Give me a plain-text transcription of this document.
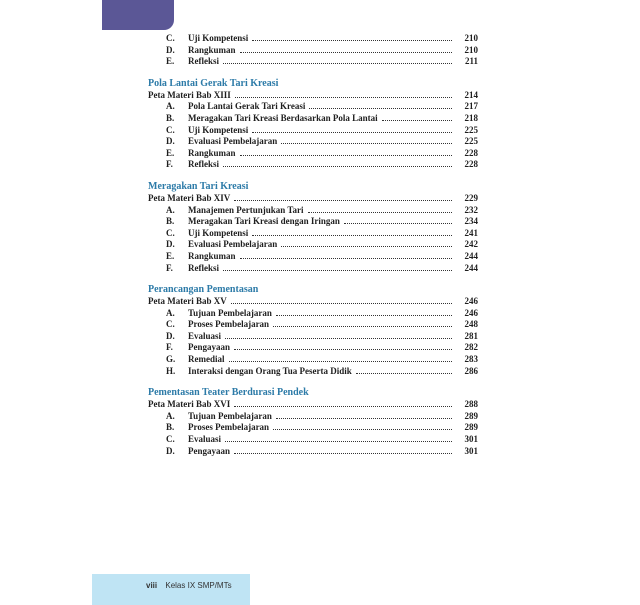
C.	Uji Kompetensi	210
D.	Rangkuman	210
E.	Refleksi	211
Pola Lantai Gerak Tari Kreasi
Peta Materi Bab XIII	214
A.	Pola Lantai Gerak Tari Kreasi	217
B.	Meragakan Tari Kreasi Berdasarkan Pola Lantai	218
C.	Uji Kompetensi	225
D.	Evaluasi Pembelajaran	225
E.	Rangkuman	228
F.	Refleksi	228
Meragakan Tari Kreasi
Peta Materi Bab XIV	229
A.	Manajemen Pertunjukan Tari	232
B.	Meragakan Tari Kreasi dengan Iringan	234
C.	Uji Kompetensi	241
D.	Evaluasi Pembelajaran	242
E.	Rangkuman	244
F.	Refleksi	244
Perancangan Pementasan
Peta Materi Bab XV	246
A.	Tujuan Pembelajaran	246
C.	Proses Pembelajaran	248
D.	Evaluasi	281
F.	Pengayaan	282
G.	Remedial	283
H.	Interaksi dengan Orang Tua Peserta Didik	286
Pementasan Teater Berdurasi Pendek
Peta Materi Bab XVI	288
A.	Tujuan Pembelajaran	289
B.	Proses Pembelajaran	289
C.	Evaluasi	301
D.	Pengayaan	301
viii Kelas IX SMP/MTs
